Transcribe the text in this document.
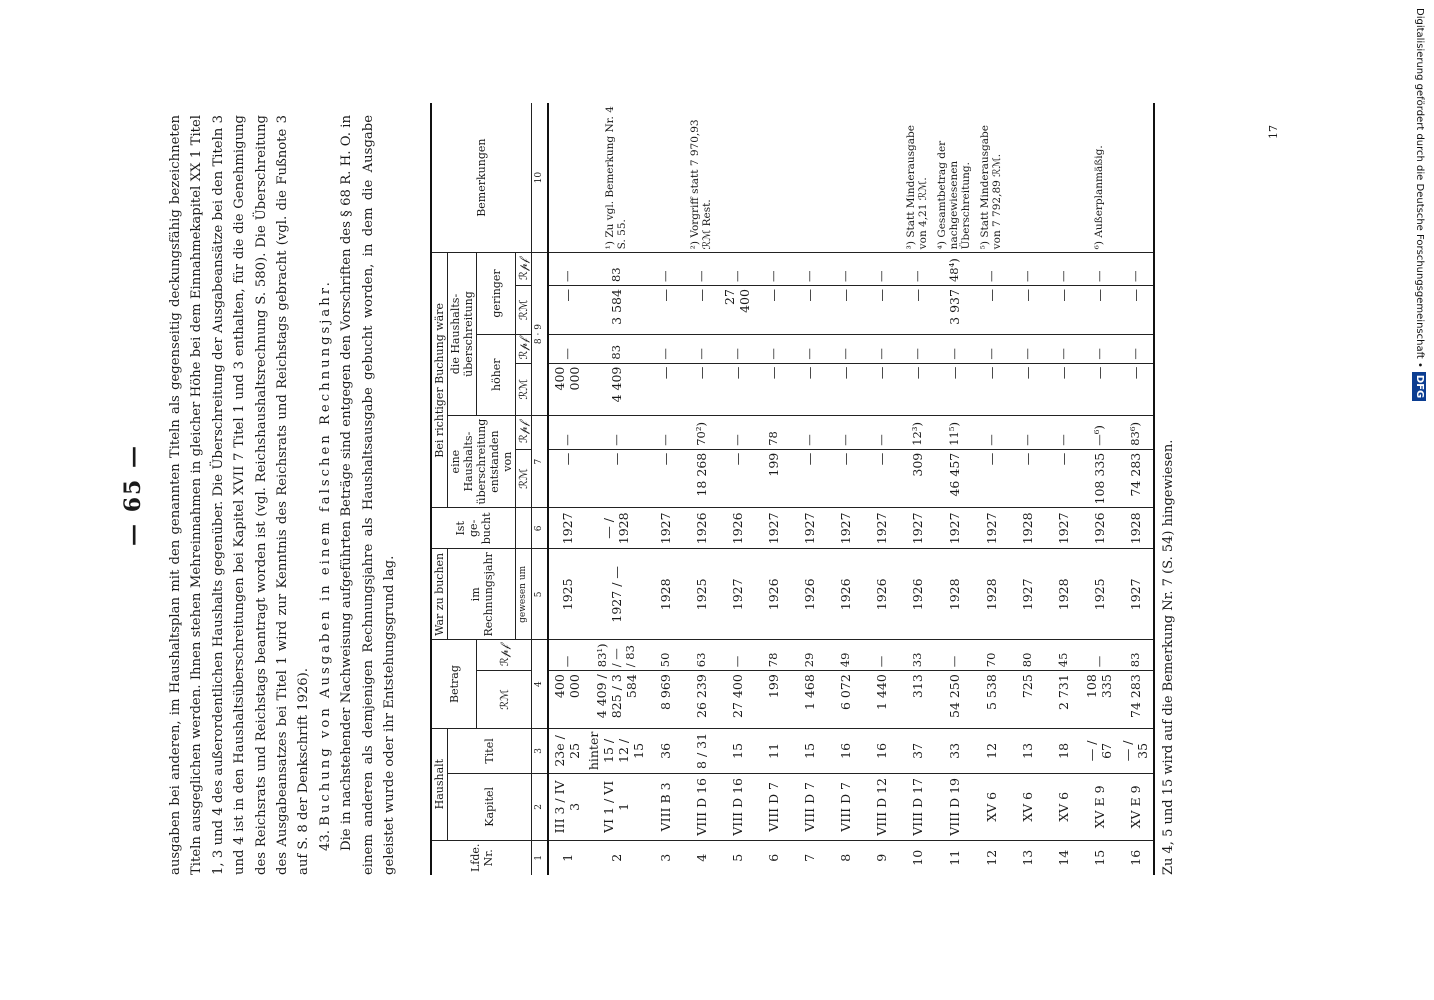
— 65 — ausgaben bei anderen, im Haushaltsplan mit den genannten Titeln als gegenseitig deckungsfähig bezeichneten Titeln ausgeglichen werden. Ihnen stehen Mehreinnahmen in gleicher Höhe bei dem Einnahmekapitel XX 1 Titel 1, 3 und 4 des außerordentlichen Haushalts gegenüber. Die Überschreitung der Ausgabeansätze bei den Titeln 3 und 4 ist in den Haushaltsüberschreitungen bei Kapitel XVII 7 Titel 1 und 3 enthalten, für die die Genehmigung des Reichsrats und Reichstags beantragt worden ist (vgl. Reichshaushaltsrechnung S. 580). Die Überschreitung des Ausgabeansatzes bei Titel 1 wird zur Kenntnis des Reichsrats und Reichstags gebracht (vgl. die Fußnote 3 auf S. 8 der Denkschrift 1926). 43. Buchung von Ausgaben in einem falschen Rechnungsjahr. Die in nachstehender Nachweisung aufgeführten Beträge sind entgegen den Vorschriften des § 68 R. H. O. in einem anderen als demjenigen Rechnungsjahre als Haushaltsausgabe gebucht worden, in dem die Ausgabe geleistet wurde oder ihr Entstehungsgrund lag.	Lfde. Nr.	Haushalt		Betrag		War zu buchen	Ist ge-bucht	Bei richtiger Buchung wäre						Bemerkungen
	Kapitel	Titel			im Rechnungsjahr		eine Haushalts-überschreitung entstanden von		die Haushalts-überschreitung				
			ℛℳ	ℛ𝓅𝒻					höher		geringer		
					gewesen um		ℛℳ	ℛ𝓅𝒻	ℛℳ	ℛ𝓅𝒻	ℛℳ	ℛ𝓅𝒻	
1	2	3	4		5	6	7		8 · 9				10
1	III 3 / IV 3	23e / 25	400 000	—	1925	1927	—	—	400 000	—	—	—	
2	VI 1 / VI 1	hinter 15 / 12 / 15	4 409 / 825 / 3 584	83¹) / — / 83	1927 / —	— / 1928	—	—	4 409	83	3 584	83	¹) Zu vgl. Bemerkung Nr. 4 S. 55.
3	VIII B 3	36	8 969	50	1928	1927	—	—	—	—	—	—	
4	VIII D 16	8 / 31	26 239	63	1925	1926	18 268	70²)	—	—	—	—	²) Vorgriff statt 7 970,93 ℛℳ Rest.
5	VIII D 16	15	27 400	—	1927	1926	—	—	—	—	27 400	—	
6	VIII D 7	11	199	78	1926	1927	199	78	—	—	—	—	
7	VIII D 7	15	1 468	29	1926	1927	—	—	—	—	—	—	
8	VIII D 7	16	6 072	49	1926	1927	—	—	—	—	—	—	
9	VIII D 12	16	1 440	—	1926	1927	—	—	—	—	—	—	
10	VIII D 17	37	313	33	1926	1927	309	12³)	—	—	—	—	³) Statt Minderausgabe von 4,21 ℛℳ.
11	VIII D 19	33	54 250	—	1928	1927	46 457	11⁵)	—	—	3 937	48⁴)	⁴) Gesamtbetrag der nachgewiesenen Überschreitung.
12	XV 6	12	5 538	70	1928	1927	—	—	—	—	—	—	⁵) Statt Minderausgabe von 7 792,89 ℛℳ.
13	XV 6	13	725	80	1927	1928	—	—	—	—	—	—	
14	XV 6	18	2 731	45	1928	1927	—	—	—	—	—	—	
15	XV E 9	— / 67	108 335	—	1925	1926	108 335	—⁶)	—	—	—	—	⁶) Außerplanmäßig.
16	XV E 9	— / 35	74 283	83	1927	1928	74 283	83⁶)	—	—	—	—	
Zu 4, 5 und 15 wird auf die Bemerkung Nr. 7 (S. 54) hingewiesen.
17	Digitalisierung gefördert durch die Deutsche Forschungsgemeinschaft •DFG
